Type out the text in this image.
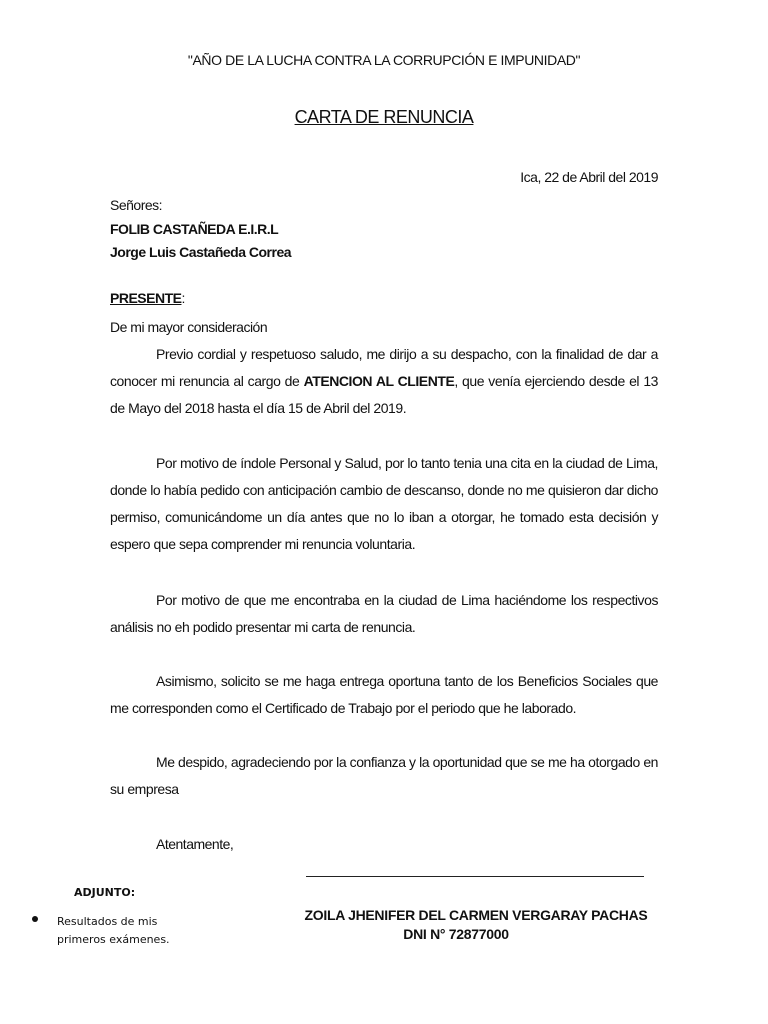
"AÑO DE LA LUCHA CONTRA LA CORRUPCIÓN E IMPUNIDAD"
CARTA DE RENUNCIA
Ica, 22 de Abril del 2019
Señores:
FOLIB CASTAÑEDA E.I.R.L
Jorge Luis Castañeda Correa
PRESENTE:
De mi mayor consideración
Previo cordial y respetuoso saludo, me dirijo a su despacho, con la finalidad de dar a conocer mi renuncia al cargo de ATENCION AL CLIENTE, que venía ejerciendo desde el 13 de Mayo del 2018 hasta el día 15 de Abril del 2019.
Por motivo de índole Personal y Salud, por lo tanto tenia una cita en la ciudad de Lima, donde lo había pedido con anticipación cambio de descanso, donde no me quisieron dar dicho permiso, comunicándome un día antes que no lo iban a otorgar, he tomado esta decisión y espero que sepa comprender mi renuncia voluntaria.
Por motivo de que me encontraba en la ciudad de Lima haciéndome los respectivos análisis no eh podido presentar mi carta de renuncia.
Asimismo, solicito se me haga entrega oportuna tanto de los Beneficios Sociales que me corresponden como el Certificado de Trabajo por el periodo que he laborado.
Me despido, agradeciendo por la confianza y la oportunidad que se me ha otorgado en su empresa
Atentamente,
ADJUNTO:
Resultados de mis primeros exámenes.
ZOILA JHENIFER DEL CARMEN VERGARAY PACHAS
DNI N° 72877000
